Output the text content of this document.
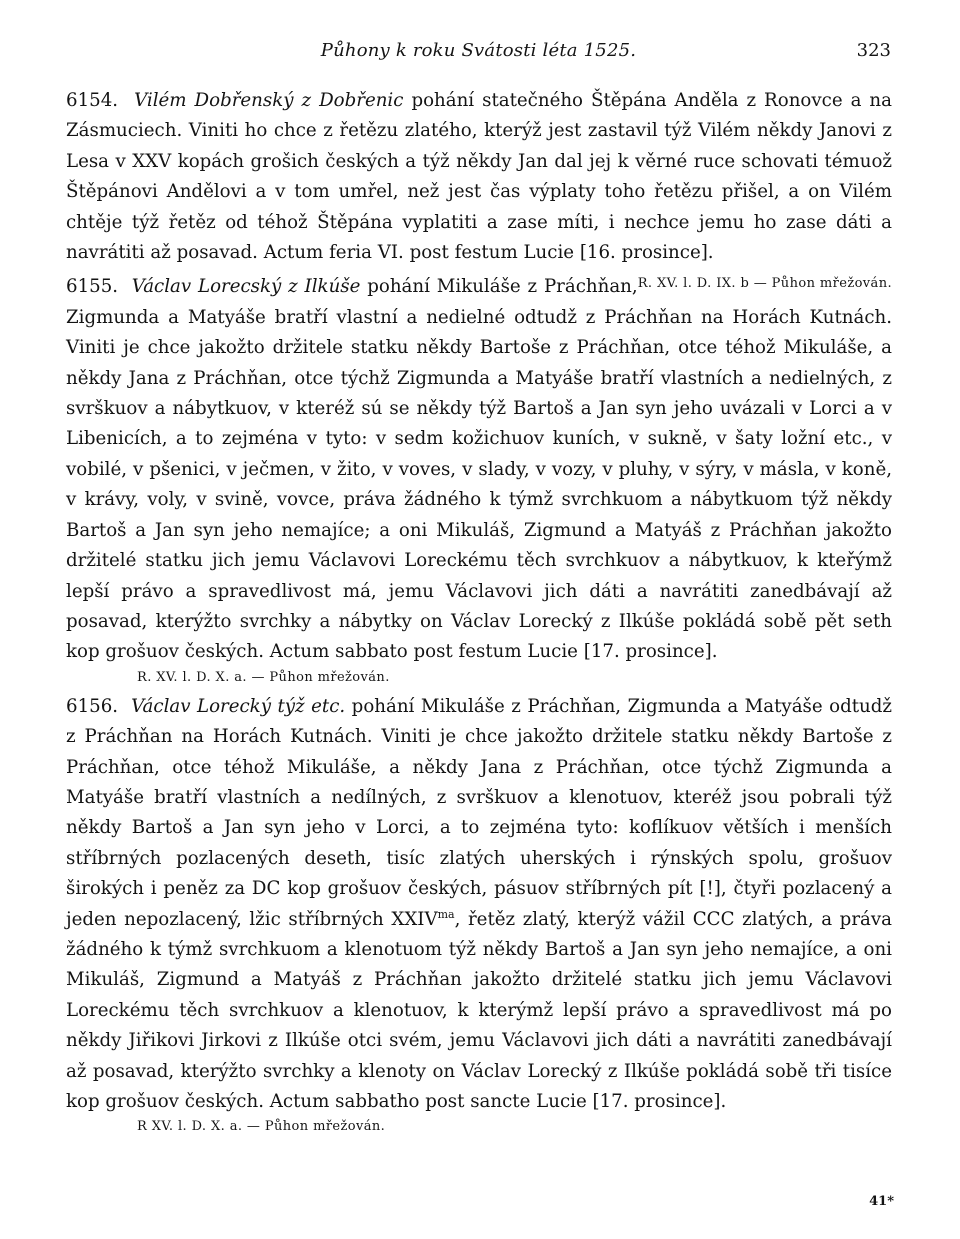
Půhony k roku Svátosti léta 1525.	323

6154. Vilém Dobřenský z Dobřenic pohání statečného Štěpána Anděla z Ronovce a na Zásmuciech. Viniti ho chce z řetězu zlatého, kterýž jest zastavil týž Vilém někdy Janovi z Lesa v XXV kopách grošich českých a týž někdy Jan dal jej k věrné ruce schovati témuož Štěpánovi Andělovi a v tom umřel, než jest čas výplaty toho řetězu přišel, a on Vilém chtěje týž řetěz od téhož Štěpána vyplatiti a zase míti, i nechce jemu ho zase dáti a navrátiti až posavad. Actum feria VI. post festum Lucie [16. prosince].
R. XV. l. D. IX. b — Půhon mřežován.

6155. Václav Lorecský z Ilkúše pohání Mikuláše z Práchňan, Zigmunda a Matyáše bratří vlastní a nedielné odtudž z Práchňan na Horách Kutnách. Viniti je chce jakožto držitele statku někdy Bartoše z Práchňan, otce téhož Mikuláše, a někdy Jana z Práchňan, otce týchž Zigmunda a Matyáše bratří vlastních a nedielných, z svrškuov a nábytkuov, v kteréž sú se někdy týž Bartoš a Jan syn jeho uvázali v Lorci a v Libenicích, a to zejména v tyto: v sedm kožichuov kuních, v sukně, v šaty ložní etc., v vobilé, v pšenici, v ječmen, v žito, v voves, v slady, v vozy, v pluhy, v sýry, v másla, v koně, v krávy, voly, v svině, vovce, práva žádného k týmž svrchkuom a nábytkuom týž někdy Bartoš a Jan syn jeho nemajíce; a oni Mikuláš, Zigmund a Matyáš z Práchňan jakožto držitelé statku jich jemu Václavovi Loreckému těch svrchkuov a nábytkuov, k kteřýmž lepší právo a spravedlivost má, jemu Václavovi jich dáti a navrátiti zanedbávají až posavad, kterýžto svrchky a nábytky on Václav Lorecký z Ilkúše pokládá sobě pět seth kop grošuov českých. Actum sabbato post festum Lucie [17. prosince].

R. XV. l. D. X. a. — Půhon mřežován.

6156. Václav Lorecký týž etc. pohání Mikuláše z Práchňan, Zigmunda a Matyáše odtudž z Práchňan na Horách Kutnách. Viniti je chce jakožto držitele statku někdy Bartoše z Práchňan, otce téhož Mikuláše, a někdy Jana z Práchňan, otce týchž Zigmunda a Matyáše bratří vlastních a nedílných, z svrškuov a klenotuov, kteréž jsou pobrali týž někdy Bartoš a Jan syn jeho v Lorci, a to zejména tyto: koflíkuov větších i menších stříbrných pozlacených deseth, tisíc zlatých uherských i rýnských spolu, grošuov širokých i peněz za DC kop grošuov českých, pásuov stříbrných pít [!], čtyři pozlacený a jeden nepozlacený, lžic stříbrných $XXIV^{ma}$, řetěz zlatý, kterýž vážil CCC zlatých, a práva žádného k týmž svrchkuom a klenotuom týž někdy Bartoš a Jan syn jeho nemajíce, a oni Mikuláš, Zigmund a Matyáš z Práchňan jakožto držitelé statku jich jemu Václavovi Loreckému těch svrchkuov a klenotuov, k kterýmž lepší právo a spravedlivost má po někdy Jiřikovi Jirkovi z Ilkúše otci svém, jemu Václavovi jich dáti a navrátiti zanedbávají až posavad, kterýžto svrchky a klenoty on Václav Lorecký z Ilkúše pokládá sobě tři tisíce kop grošuov českých. Actum sabbatho post sancte Lucie [17. prosince].

R XV. l. D. X. a. — Půhon mřežován.

41*
